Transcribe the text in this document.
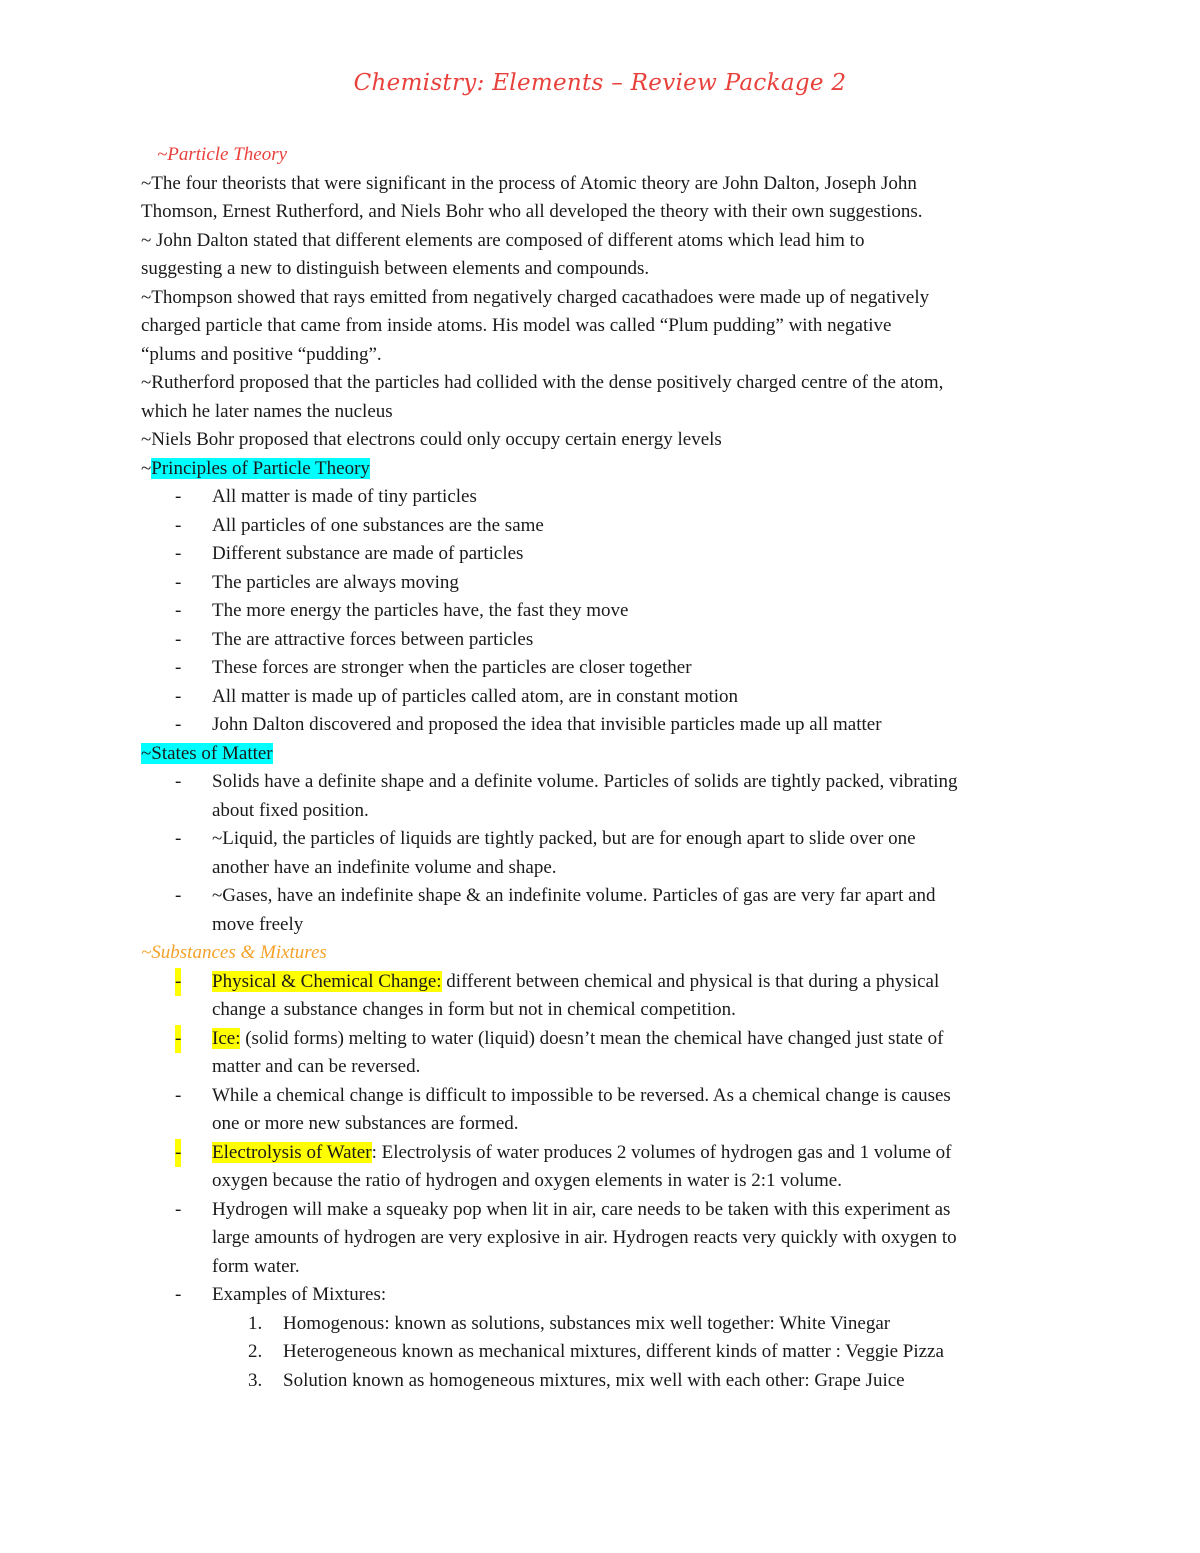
Chemistry: Elements – Review Package 2
~Particle Theory
~The four theorists that were significant in the process of Atomic theory are John Dalton, Joseph John
Thomson, Ernest Rutherford, and Niels Bohr who all developed the theory with their own suggestions.
~ John Dalton stated that different elements are composed of different atoms which lead him to
suggesting a new to distinguish between elements and compounds.
~Thompson showed that rays emitted from negatively charged cacathadoes were made up of negatively
charged particle that came from inside atoms. His model was called “Plum pudding” with negative
“plums and positive “pudding”.
~Rutherford proposed that the particles had collided with the dense positively charged centre of the atom,
which he later names the nucleus
~Niels Bohr proposed that electrons could only occupy certain energy levels
~Principles of Particle Theory
- All matter is made of tiny particles
- All particles of one substances are the same
- Different substance are made of particles
- The particles are always moving
- The more energy the particles have, the fast they move
- The are attractive forces between particles
- These forces are stronger when the particles are closer together
- All matter is made up of particles called atom, are in constant motion
- John Dalton discovered and proposed the idea that invisible particles made up all matter
~States of Matter
- Solids have a definite shape and a definite volume. Particles of solids are tightly packed, vibrating
about fixed position.
- ~Liquid, the particles of liquids are tightly packed, but are for enough apart to slide over one
another have an indefinite volume and shape.
- ~Gases, have an indefinite shape & an indefinite volume. Particles of gas are very far apart and
move freely
~Substances & Mixtures
- Physical & Chemical Change: different between chemical and physical is that during a physical
change a substance changes in form but not in chemical competition.
- Ice: (solid forms) melting to water (liquid) doesn’t mean the chemical have changed just state of
matter and can be reversed.
- While a chemical change is difficult to impossible to be reversed. As a chemical change is causes
one or more new substances are formed.
- Electrolysis of Water: Electrolysis of water produces 2 volumes of hydrogen gas and 1 volume of
oxygen because the ratio of hydrogen and oxygen elements in water is 2:1 volume.
- Hydrogen will make a squeaky pop when lit in air, care needs to be taken with this experiment as
large amounts of hydrogen are very explosive in air. Hydrogen reacts very quickly with oxygen to
form water.
- Examples of Mixtures:
1. Homogenous: known as solutions, substances mix well together: White Vinegar
2. Heterogeneous known as mechanical mixtures, different kinds of matter : Veggie Pizza
3. Solution known as homogeneous mixtures, mix well with each other: Grape Juice
